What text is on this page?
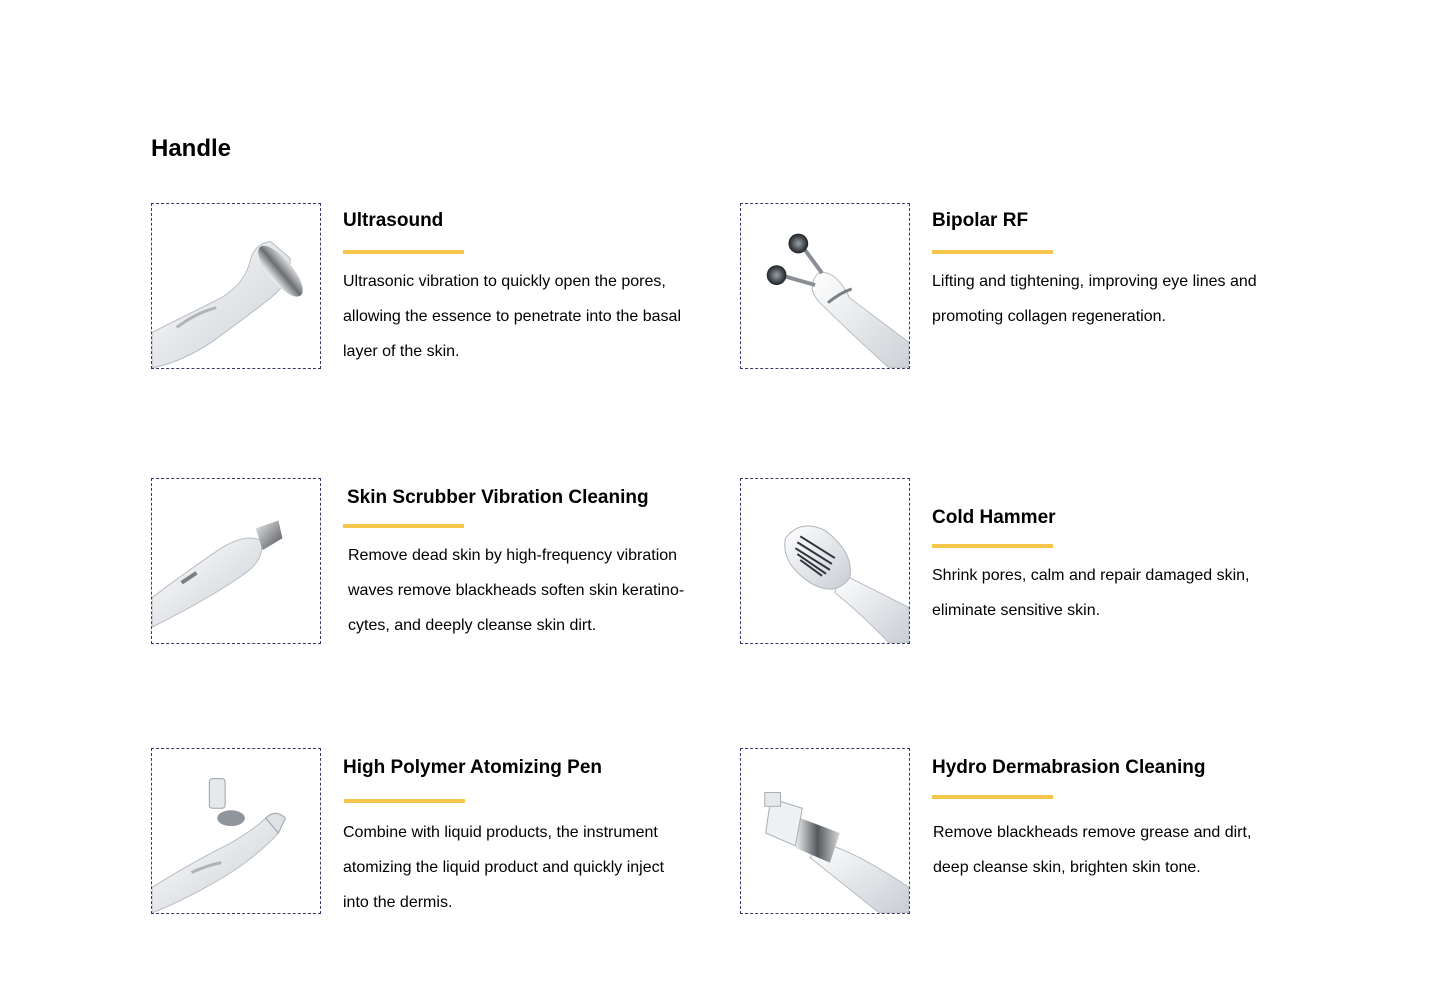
Handle
Ultrasound

Ultrasonic vibration to quickly open the pores, allowing the essence to penetrate into the basal layer of the skin.

Bipolar RF

Lifting and tightening, improving eye lines and promoting collagen regeneration.

Skin Scrubber Vibration Cleaning

Remove dead skin by high-frequency vibration waves remove blackheads soften skin keratino-cytes, and deeply cleanse skin dirt.

Cold Hammer

Shrink pores, calm and repair damaged skin, eliminate sensitive skin.

High Polymer Atomizing Pen

Combine with liquid products, the instrument atomizing the liquid product and quickly inject into the dermis.

Hydro Dermabrasion Cleaning

Remove blackheads remove grease and dirt, deep cleanse skin, brighten skin tone.
